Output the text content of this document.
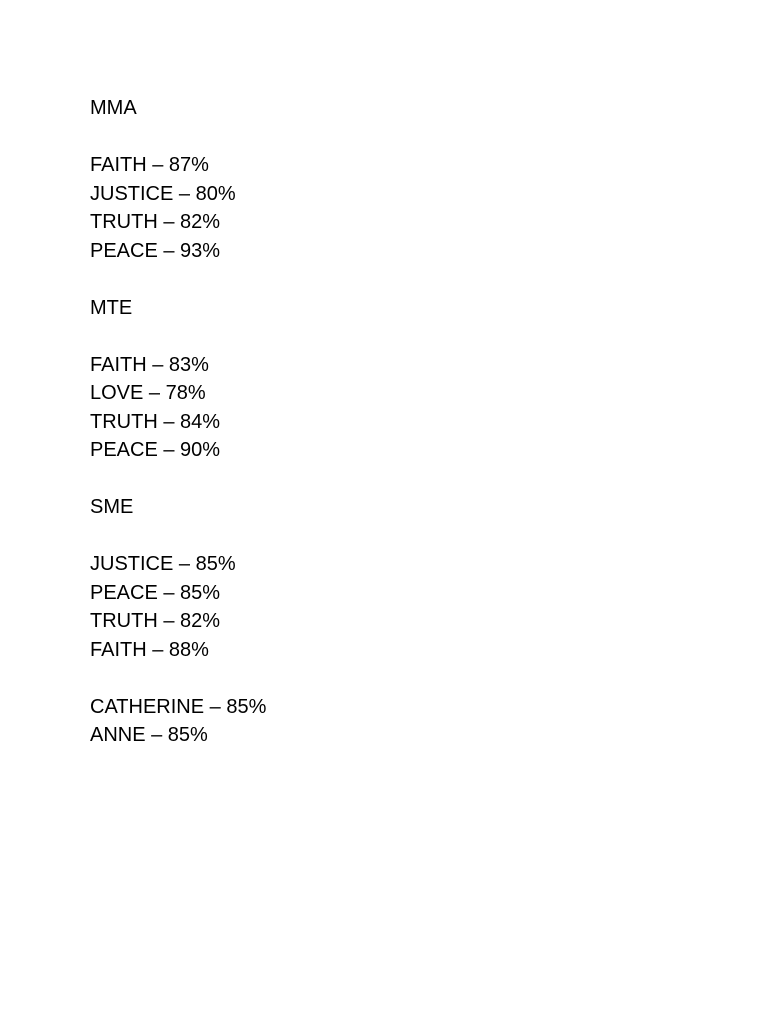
MMA
FAITH – 87%
JUSTICE – 80%
TRUTH – 82%
PEACE – 93%
MTE
FAITH – 83%
LOVE – 78%
TRUTH – 84%
PEACE – 90%
SME
JUSTICE – 85%
PEACE – 85%
TRUTH – 82%
FAITH – 88%
CATHERINE – 85%
ANNE – 85%
